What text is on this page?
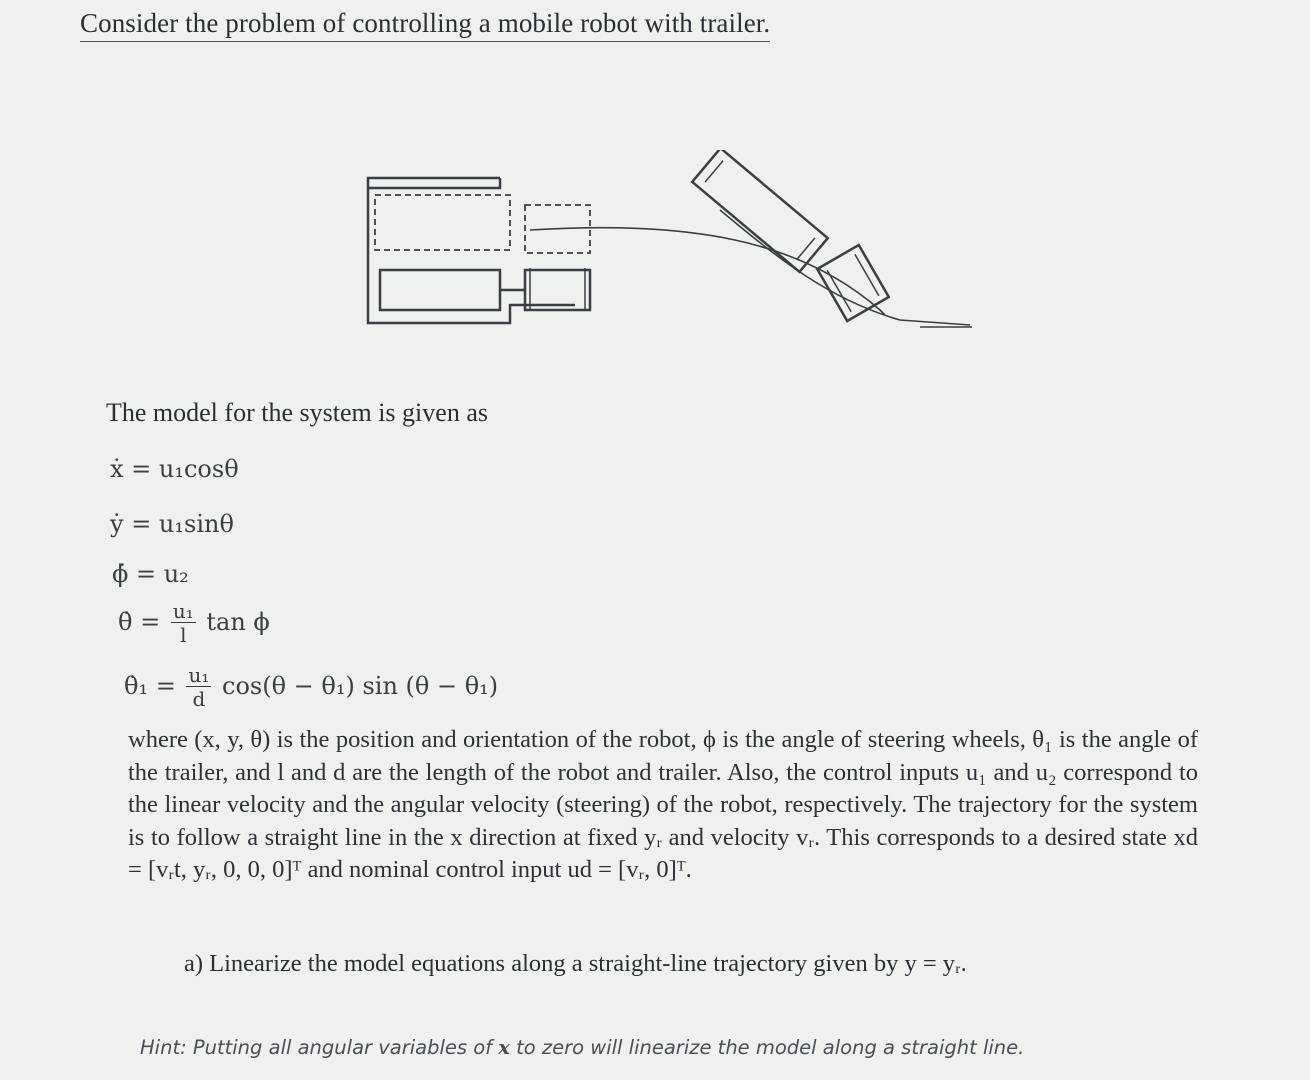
Consider the problem of controlling a mobile robot with trailer.
The model for the system is given as
ẋ = u₁cosθ
ẏ = u₁sinθ
ϕ̇ = u₂
θ̇ = $\frac{\text{u₁}}{l}$ tan ϕ
θ̇₁ = $\frac{\text{u₁}}{d} \cos(\theta - \theta_1)$ sin (θ − θ₁)
where (x, y, θ) is the position and orientation of the robot, ϕ is the angle of steering wheels, θ₁ is the angle of the trailer, and l and d are the length of the robot and trailer. Also, the control inputs u₁ and u₂ correspond to the linear velocity and the angular velocity (steering) of the robot, respectively. The trajectory for the system is to follow a straight line in the x direction at fixed yᵣ and velocity vᵣ. This corresponds to a desired state xd = [vᵣt, yᵣ, 0, 0, 0]ᵀ and nominal control input ud = [vᵣ, 0]ᵀ.
a) Linearize the model equations along a straight-line trajectory given by y = yᵣ.
Hint: Putting all angular variables of x to zero will linearize the model along a straight line.
